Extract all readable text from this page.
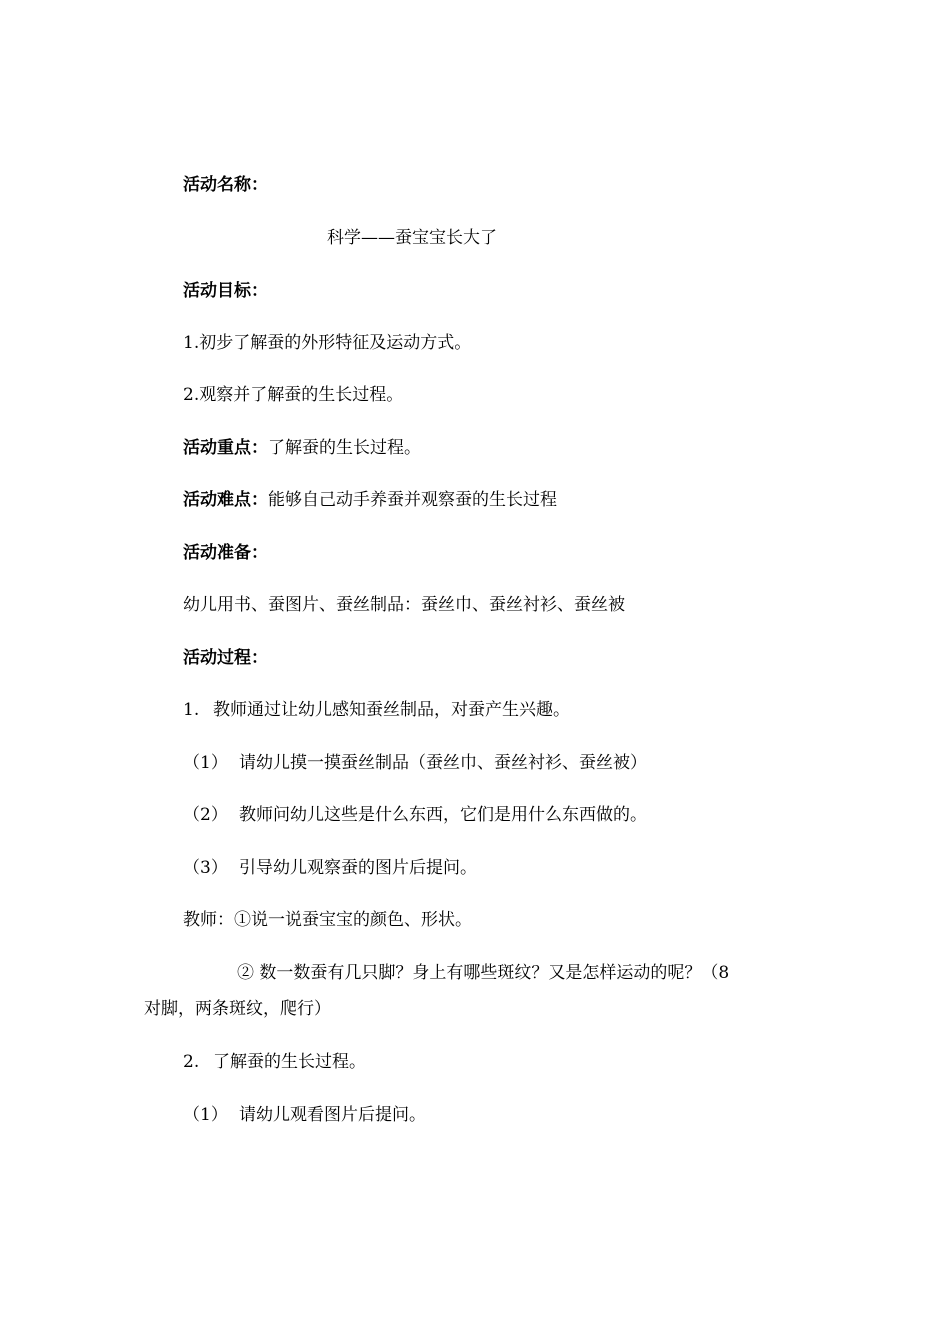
活动名称：
科学——蚕宝宝长大了
活动目标：
1.初步了解蚕的外形特征及运动方式。
2.观察并了解蚕的生长过程。
活动重点：了解蚕的生长过程。
活动难点：能够自己动手养蚕并观察蚕的生长过程
活动准备：
幼儿用书、蚕图片、蚕丝制品：蚕丝巾、蚕丝衬衫、蚕丝被
活动过程：
1. 教师通过让幼儿感知蚕丝制品，对蚕产生兴趣。
（1） 请幼儿摸一摸蚕丝制品（蚕丝巾、蚕丝衬衫、蚕丝被）
（2） 教师问幼儿这些是什么东西，它们是用什么东西做的。
（3） 引导幼儿观察蚕的图片后提问。
教师：①说一说蚕宝宝的颜色、形状。
② 数一数蚕有几只脚？身上有哪些斑纹？又是怎样运动的呢？（8
对脚，两条斑纹，爬行）
2. 了解蚕的生长过程。
（1） 请幼儿观看图片后提问。
